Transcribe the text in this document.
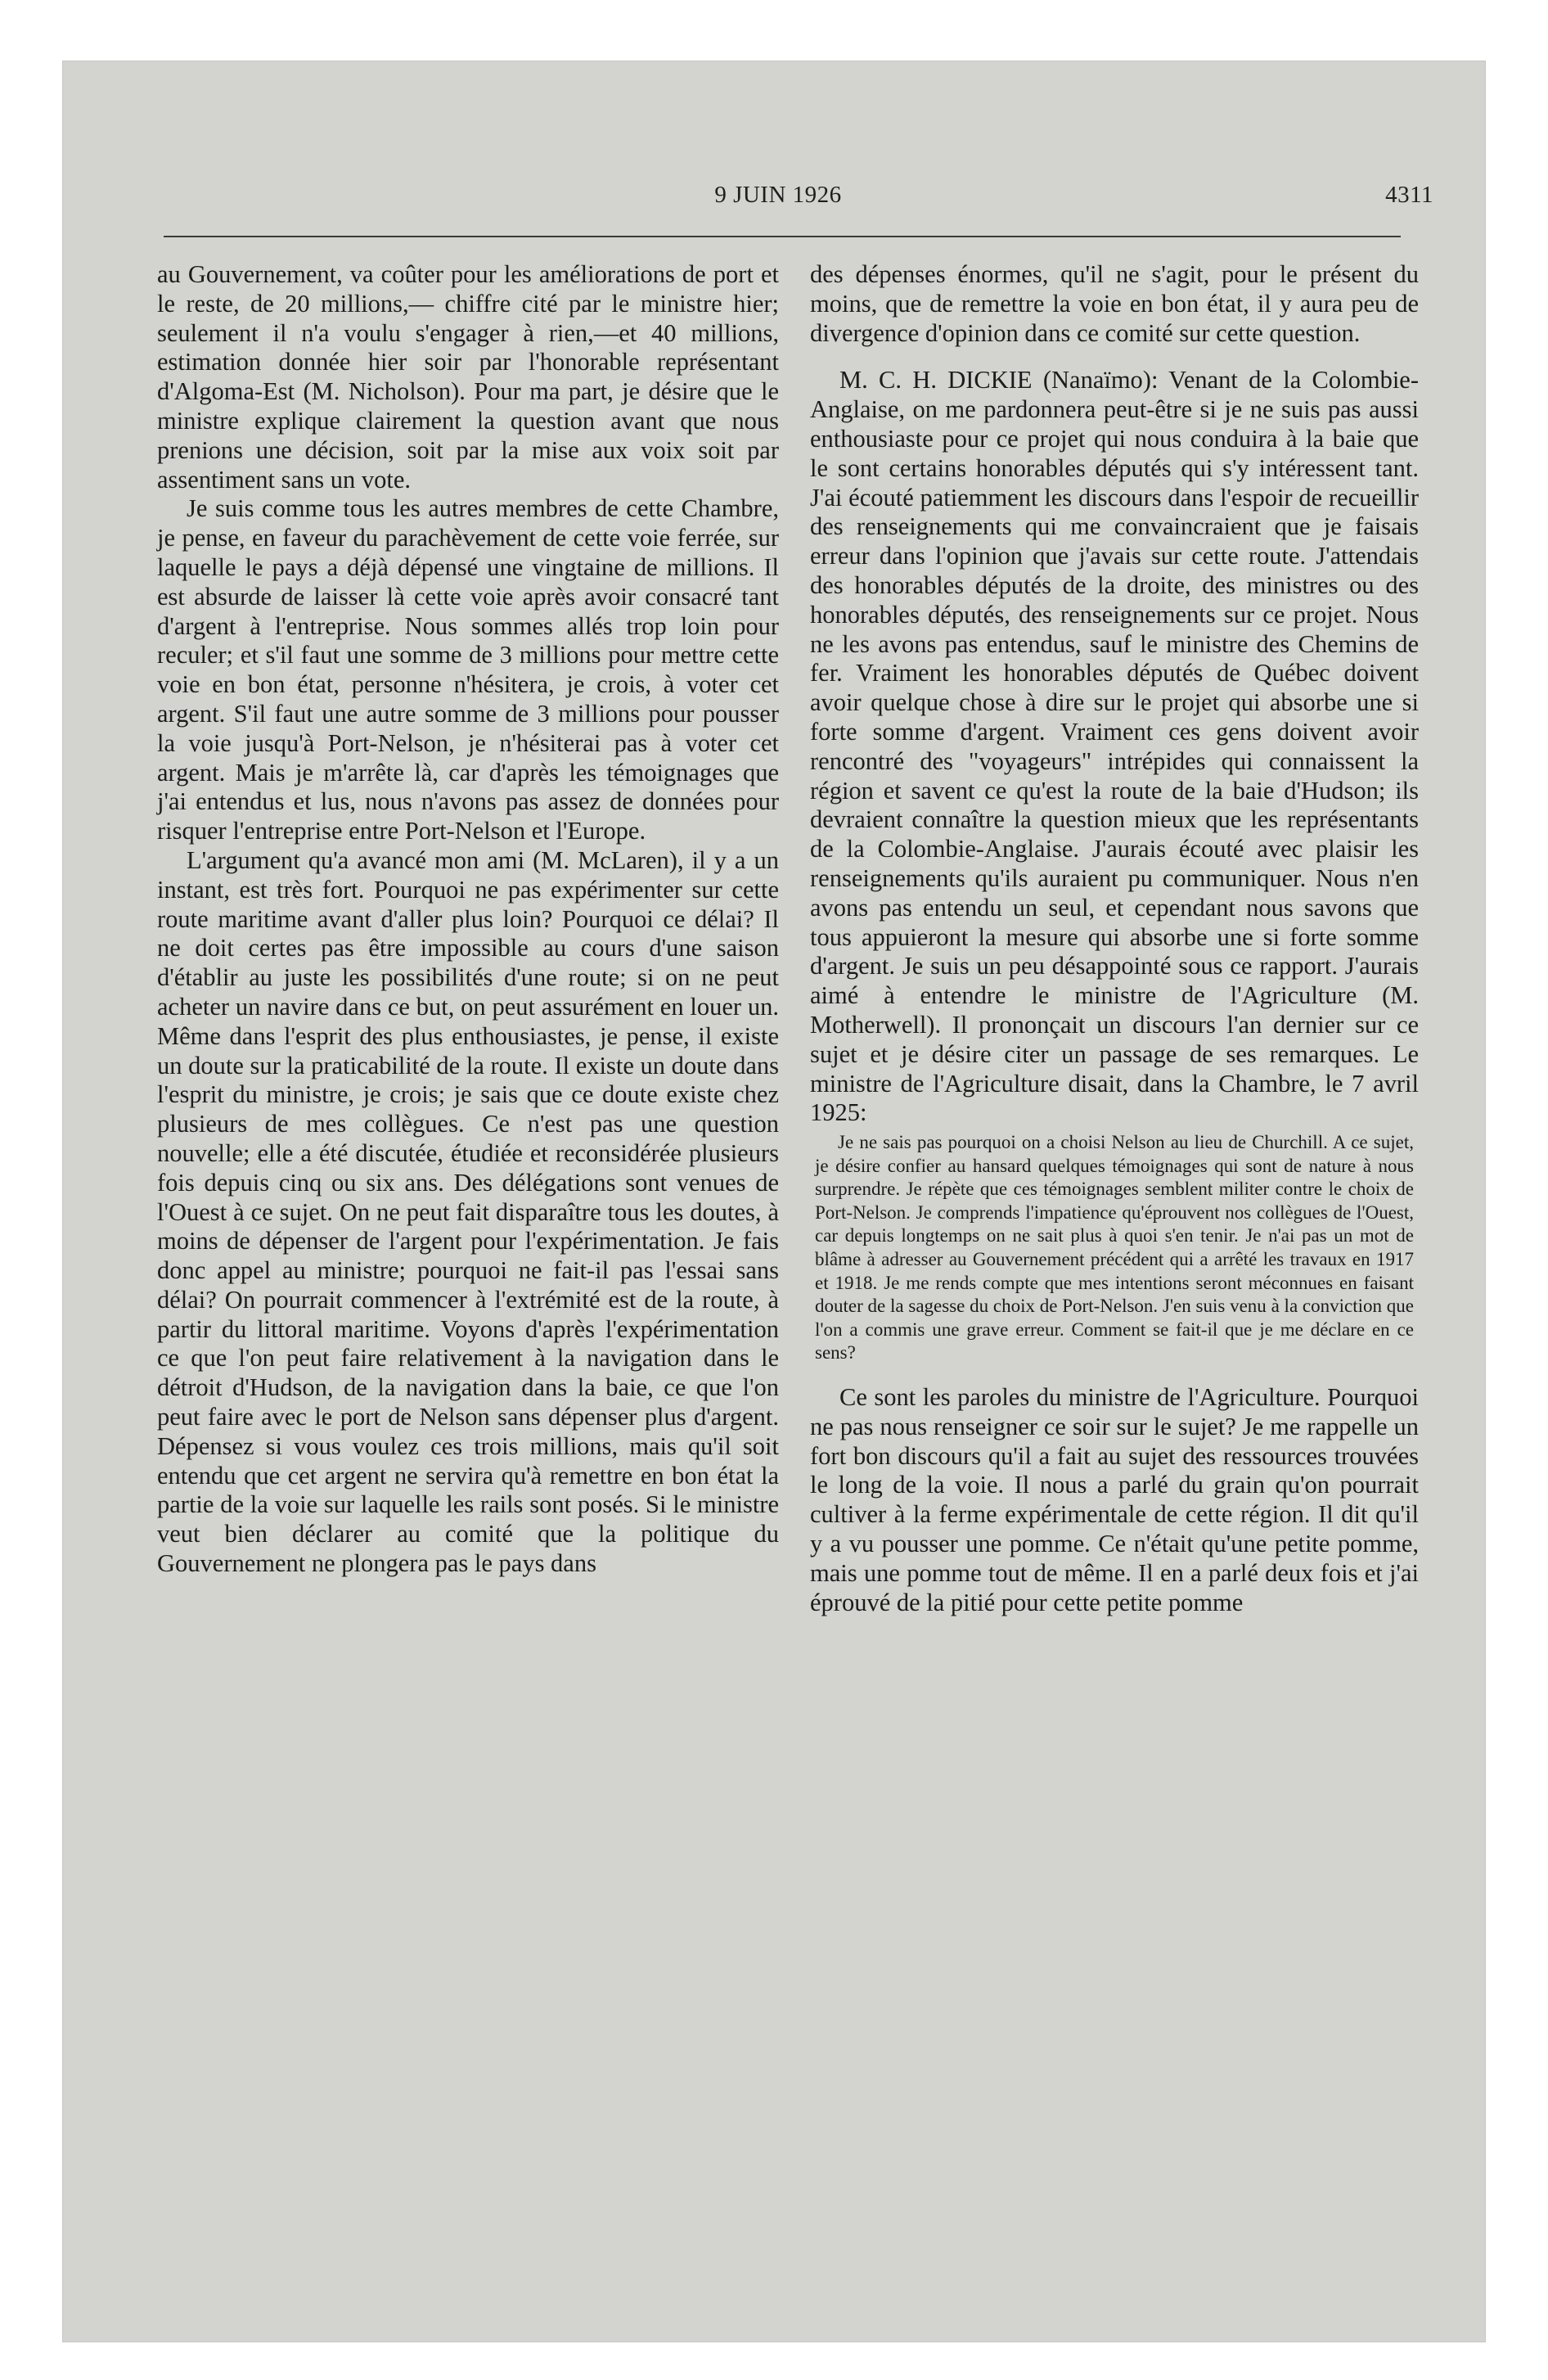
9 JUIN 1926	4311

au Gouvernement, va coûter pour les améliorations de port et le reste, de 20 millions,— chiffre cité par le ministre hier; seulement il n'a voulu s'engager à rien,—et 40 millions, estimation donnée hier soir par l'honorable représentant d'Algoma-Est (M. Nicholson). Pour ma part, je désire que le ministre explique clairement la question avant que nous prenions une décision, soit par la mise aux voix soit par assentiment sans un vote.

Je suis comme tous les autres membres de cette Chambre, je pense, en faveur du parachèvement de cette voie ferrée, sur laquelle le pays a déjà dépensé une vingtaine de millions. Il est absurde de laisser là cette voie après avoir consacré tant d'argent à l'entreprise. Nous sommes allés trop loin pour reculer; et s'il faut une somme de 3 millions pour mettre cette voie en bon état, personne n'hésitera, je crois, à voter cet argent. S'il faut une autre somme de 3 millions pour pousser la voie jusqu'à Port-Nelson, je n'hésiterai pas à voter cet argent. Mais je m'arrête là, car d'après les témoignages que j'ai entendus et lus, nous n'avons pas assez de données pour risquer l'entreprise entre Port-Nelson et l'Europe.

L'argument qu'a avancé mon ami (M. McLaren), il y a un instant, est très fort. Pourquoi ne pas expérimenter sur cette route maritime avant d'aller plus loin? Pourquoi ce délai? Il ne doit certes pas être impossible au cours d'une saison d'établir au juste les possibilités d'une route; si on ne peut acheter un navire dans ce but, on peut assurément en louer un. Même dans l'esprit des plus enthousiastes, je pense, il existe un doute sur la praticabilité de la route. Il existe un doute dans l'esprit du ministre, je crois; je sais que ce doute existe chez plusieurs de mes collègues. Ce n'est pas une question nouvelle; elle a été discutée, étudiée et reconsidérée plusieurs fois depuis cinq ou six ans. Des délégations sont venues de l'Ouest à ce sujet. On ne peut fait disparaître tous les doutes, à moins de dépenser de l'argent pour l'expérimentation. Je fais donc appel au ministre; pourquoi ne fait-il pas l'essai sans délai? On pourrait commencer à l'extrémité est de la route, à partir du littoral maritime. Voyons d'après l'expérimentation ce que l'on peut faire relativement à la navigation dans le détroit d'Hudson, de la navigation dans la baie, ce que l'on peut faire avec le port de Nelson sans dépenser plus d'argent. Dépensez si vous voulez ces trois millions, mais qu'il soit entendu que cet argent ne servira qu'à remettre en bon état la partie de la voie sur laquelle les rails sont posés. Si le ministre veut bien déclarer au comité que la politique du Gouvernement ne plongera pas le pays dans

des dépenses énormes, qu'il ne s'agit, pour le présent du moins, que de remettre la voie en bon état, il y aura peu de divergence d'opinion dans ce comité sur cette question.

M. C. H. DICKIE (Nanaïmo): Venant de la Colombie-Anglaise, on me pardonnera peut-être si je ne suis pas aussi enthousiaste pour ce projet qui nous conduira à la baie que le sont certains honorables députés qui s'y intéressent tant. J'ai écouté patiemment les discours dans l'espoir de recueillir des renseignements qui me convaincraient que je faisais erreur dans l'opinion que j'avais sur cette route. J'attendais des honorables députés de la droite, des ministres ou des honorables députés, des renseignements sur ce projet. Nous ne les avons pas entendus, sauf le ministre des Chemins de fer. Vraiment les honorables députés de Québec doivent avoir quelque chose à dire sur le projet qui absorbe une si forte somme d'argent. Vraiment ces gens doivent avoir rencontré des "voyageurs" intrépides qui connaissent la région et savent ce qu'est la route de la baie d'Hudson; ils devraient connaître la question mieux que les représentants de la Colombie-Anglaise. J'aurais écouté avec plaisir les renseignements qu'ils auraient pu communiquer. Nous n'en avons pas entendu un seul, et cependant nous savons que tous appuieront la mesure qui absorbe une si forte somme d'argent. Je suis un peu désappointé sous ce rapport. J'aurais aimé à entendre le ministre de l'Agriculture (M. Motherwell). Il prononçait un discours l'an dernier sur ce sujet et je désire citer un passage de ses remarques. Le ministre de l'Agriculture disait, dans la Chambre, le 7 avril 1925:

Je ne sais pas pourquoi on a choisi Nelson au lieu de Churchill. A ce sujet, je désire confier au hansard quelques témoignages qui sont de nature à nous surprendre. Je répète que ces témoignages semblent militer contre le choix de Port-Nelson. Je comprends l'impatience qu'éprouvent nos collègues de l'Ouest, car depuis longtemps on ne sait plus à quoi s'en tenir. Je n'ai pas un mot de blâme à adresser au Gouvernement précédent qui a arrêté les travaux en 1917 et 1918. Je me rends compte que mes intentions seront méconnues en faisant douter de la sagesse du choix de Port-Nelson. J'en suis venu à la conviction que l'on a commis une grave erreur. Comment se fait-il que je me déclare en ce sens?

Ce sont les paroles du ministre de l'Agriculture. Pourquoi ne pas nous renseigner ce soir sur le sujet? Je me rappelle un fort bon discours qu'il a fait au sujet des ressources trouvées le long de la voie. Il nous a parlé du grain qu'on pourrait cultiver à la ferme expérimentale de cette région. Il dit qu'il y a vu pousser une pomme. Ce n'était qu'une petite pomme, mais une pomme tout de même. Il en a parlé deux fois et j'ai éprouvé de la pitié pour cette petite pomme
